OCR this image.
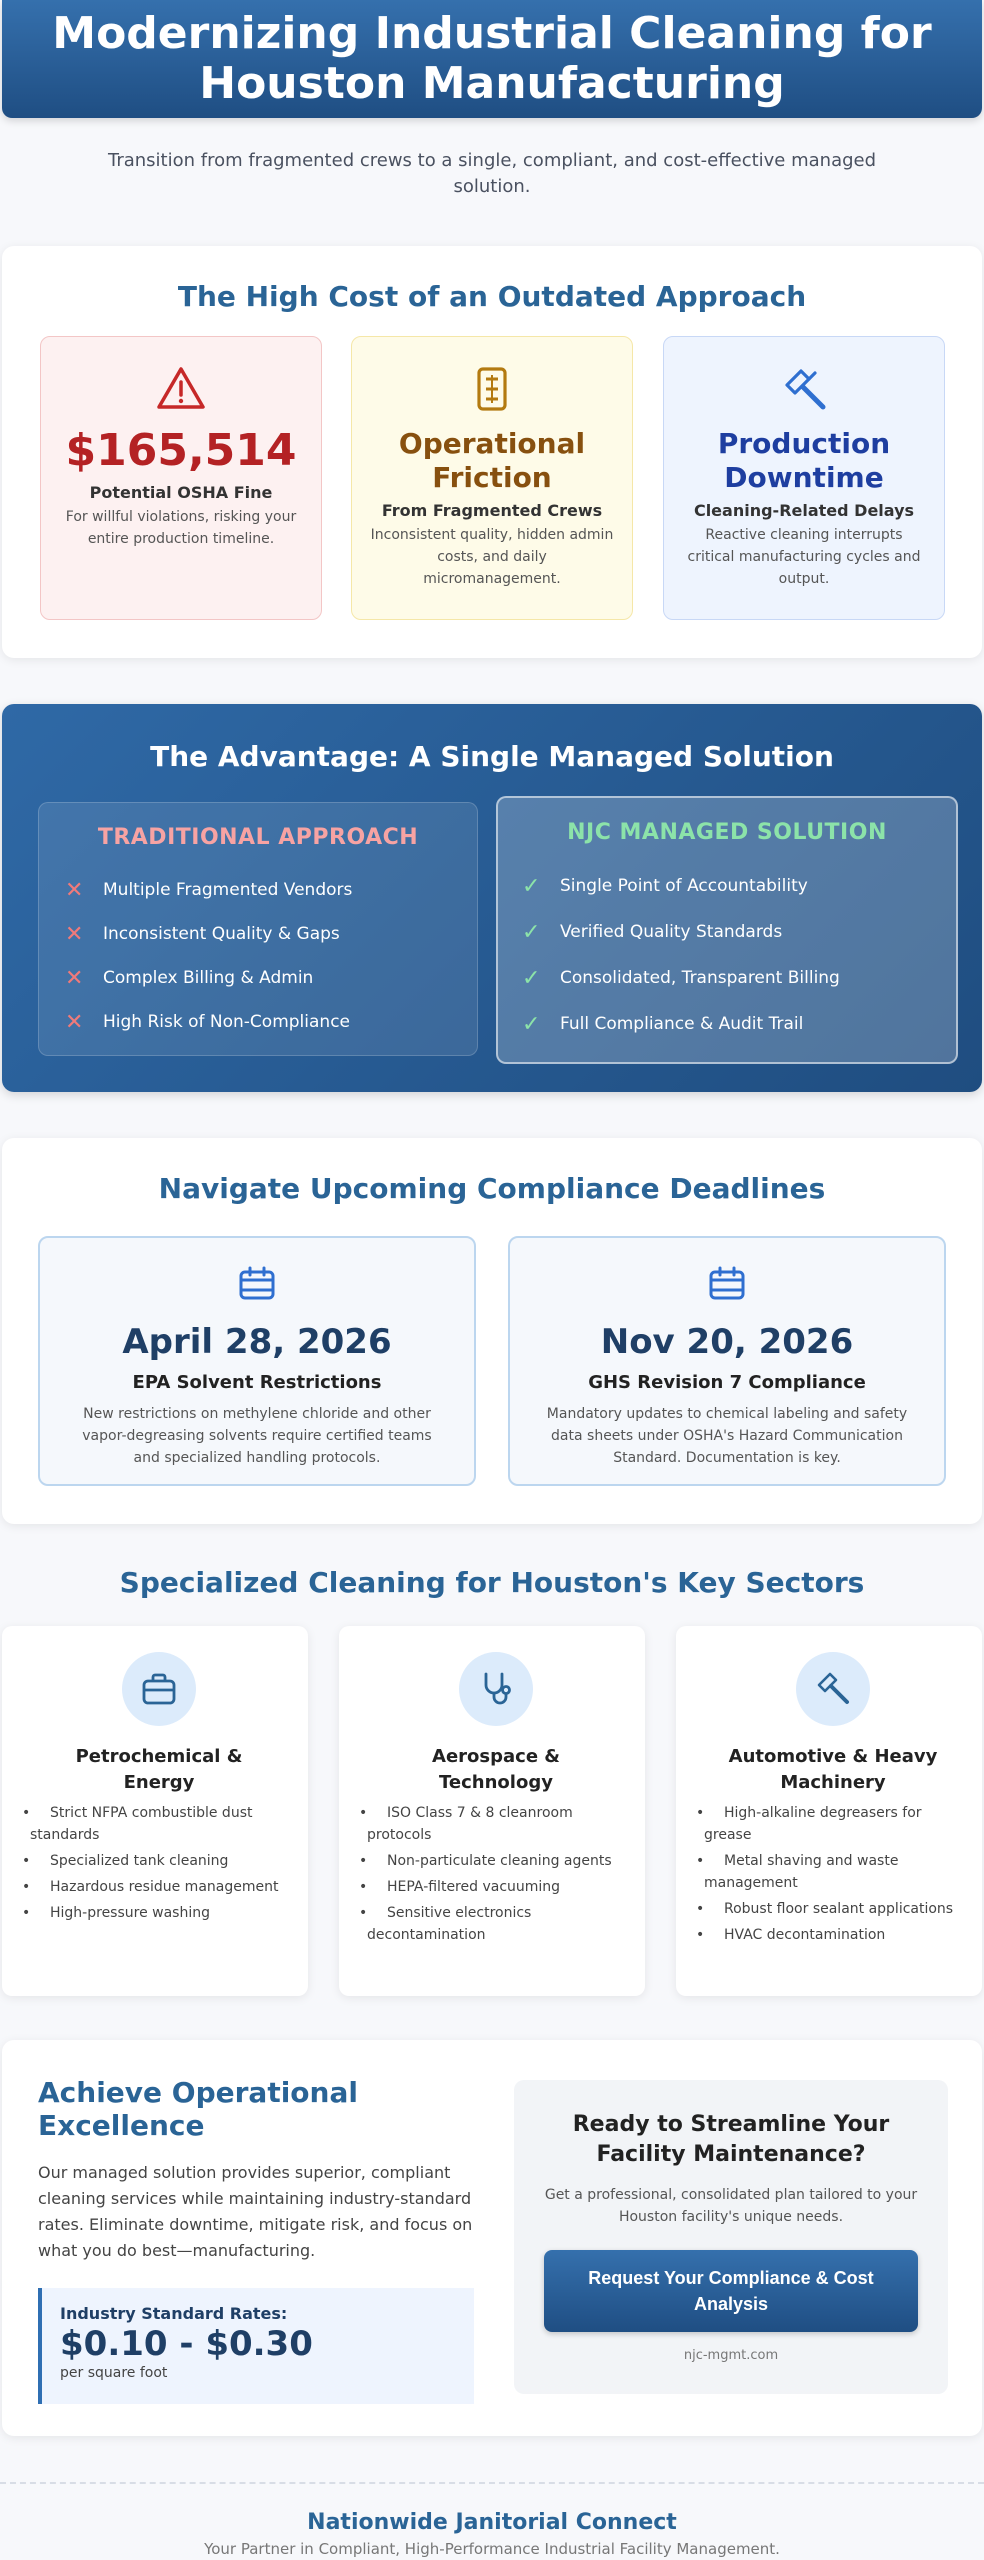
Modernizing Industrial Cleaning for Houston Manufacturing

Transition from fragmented crews to a single, compliant, and cost-effective managed solution.

The High Cost of an Outdated Approach
$165,514
Potential OSHA Fine
For willful violations, risking your entire production timeline.
Operational Friction
From Fragmented Crews
Inconsistent quality, hidden admin costs, and daily micromanagement.
Production Downtime
Cleaning-Related Delays
Reactive cleaning interrupts critical manufacturing cycles and output.
The Advantage: A Single Managed Solution
TRADITIONAL APPROACH
✕	Multiple Fragmented Vendors
✕	Inconsistent Quality & Gaps
✕	Complex Billing & Admin
✕	High Risk of Non-Compliance
NJC MANAGED SOLUTION
✓	Single Point of Accountability
✓	Verified Quality Standards
✓	Consolidated, Transparent Billing
✓	Full Compliance & Audit Trail
Navigate Upcoming Compliance Deadlines
April 28, 2026
EPA Solvent Restrictions
New restrictions on methylene chloride and other vapor-degreasing solvents require certified teams and specialized handling protocols.
Nov 20, 2026
GHS Revision 7 Compliance
Mandatory updates to chemical labeling and safety data sheets under OSHA's Hazard Communication Standard. Documentation is key.
Specialized Cleaning for Houston's Key Sectors
Petrochemical & Energy
• Strict NFPA combustible dust standards
• Specialized tank cleaning
• Hazardous residue management
• High-pressure washing
Aerospace & Technology
• ISO Class 7 & 8 cleanroom protocols
• Non-particulate cleaning agents
• HEPA-filtered vacuuming
• Sensitive electronics decontamination
Automotive & Heavy Machinery
• High-alkaline degreasers for grease
• Metal shaving and waste management
• Robust floor sealant applications
• HVAC decontamination
Achieve Operational Excellence

Our managed solution provides superior, compliant cleaning services while maintaining industry-standard rates. Eliminate downtime, mitigate risk, and focus on what you do best—manufacturing.

Industry Standard Rates:
$0.10 - $0.30
per square foot
Ready to Streamline Your Facility Maintenance?

Get a professional, consolidated plan tailored to your Houston facility's unique needs.

Request Your Compliance & Cost Analysis
njc-mgmt.com
Nationwide Janitorial Connect
Your Partner in Compliant, High-Performance Industrial Facility Management.
